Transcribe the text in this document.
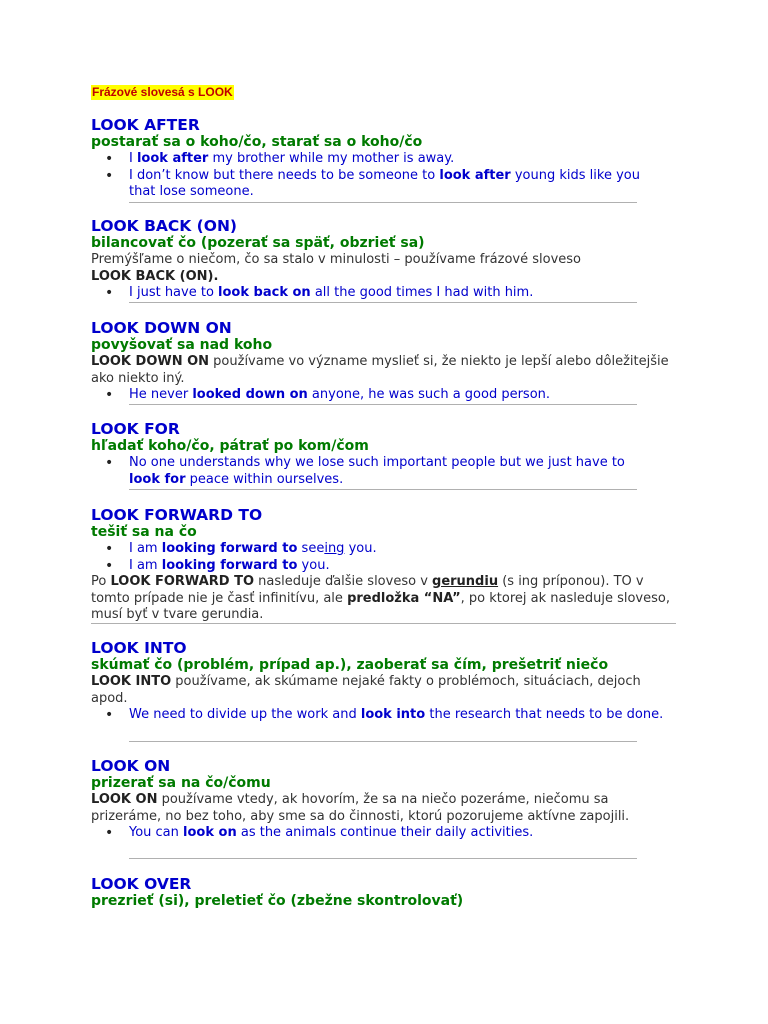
Frázové slovesá s LOOK

LOOK AFTER

postarať sa o koho/čo, starať sa o koho/čo

• I look after my brother while my mother is away.
• I don’t know but there needs to be someone to look after young kids like you that lose someone.

LOOK BACK (ON)

bilancovať čo (pozerať sa späť, obzrieť sa)

Premýšľame o niečom, čo sa stalo v minulosti – používame frázové sloveso LOOK BACK (ON).

• I just have to look back on all the good times I had with him.

LOOK DOWN ON

povyšovať sa nad koho

LOOK DOWN ON používame vo význame myslieť si, že niekto je lepší alebo dôležitejšie ako niekto iný.

• He never looked down on anyone, he was such a good person.

LOOK FOR

hľadať koho/čo, pátrať po kom/čom

• No one understands why we lose such important people but we just have to look for peace within ourselves.

LOOK FORWARD TO

tešiť sa na čo

• I am looking forward to seeing you.
• I am looking forward to you.

Po LOOK FORWARD TO nasleduje ďalšie sloveso v gerundiu (s ing príponou). TO v tomto prípade nie je časť infinitívu, ale predložka “NA”, po ktorej ak nasleduje sloveso, musí byť v tvare gerundia.

LOOK INTO

skúmať čo (problém, prípad ap.), zaoberať sa čím, prešetriť niečo

LOOK INTO používame, ak skúmame nejaké fakty o problémoch, situáciach, dejoch apod.

• We need to divide up the work and look into the research that needs to be done.

LOOK ON

prizerať sa na čo/čomu

LOOK ON používame vtedy, ak hovorím, že sa na niečo pozeráme, niečomu sa prizeráme, no bez toho, aby sme sa do činnosti, ktorú pozorujeme aktívne zapojili.

• You can look on as the animals continue their daily activities.

LOOK OVER

prezrieť (si), preletieť čo (zbežne skontrolovať)
